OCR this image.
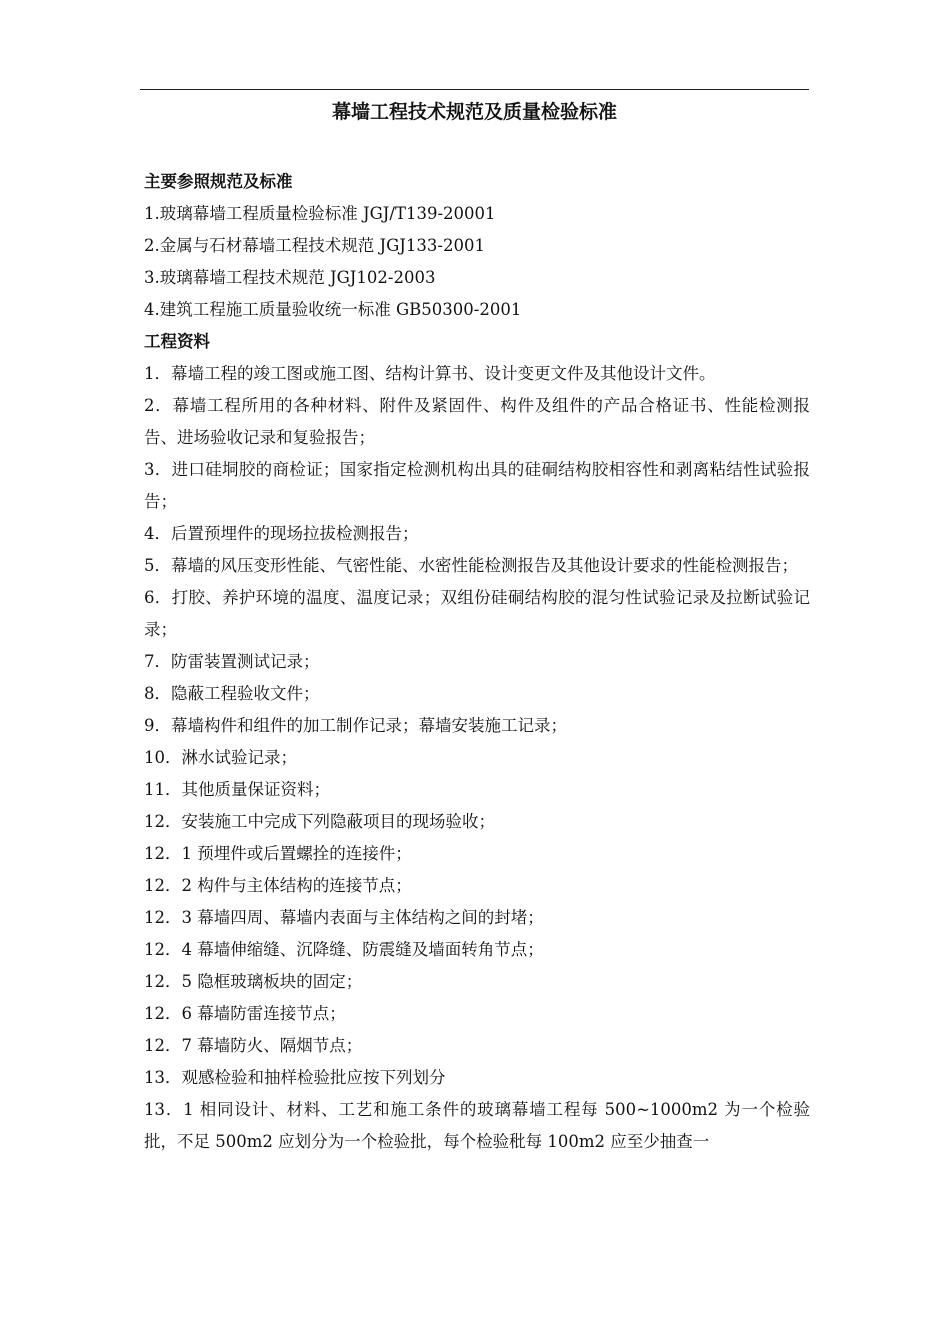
幕墙工程技术规范及质量检验标准
主要参照规范及标准
1.玻璃幕墙工程质量检验标准 JGJ/T139-20001
2.金属与石材幕墙工程技术规范 JGJ133-2001
3.玻璃幕墙工程技术规范 JGJ102-2003
4.建筑工程施工质量验收统一标准 GB50300-2001
工程资料
1．幕墙工程的竣工图或施工图、结构计算书、设计变更文件及其他设计文件。
2．幕墙工程所用的各种材料、附件及紧固件、构件及组件的产品合格证书、性能检测报告、进场验收记录和复验报告；
3．进口硅垌胶的商检证；国家指定检测机构出具的硅硐结构胶相容性和剥离粘结性试验报告；
4．后置预埋件的现场拉拔检测报告；
5．幕墙的风压变形性能、气密性能、水密性能检测报告及其他设计要求的性能检测报告；
6．打胶、养护环境的温度、温度记录；双组份硅硐结构胶的混匀性试验记录及拉断试验记录；
7．防雷装置测试记录；
8．隐蔽工程验收文件；
9．幕墙构件和组件的加工制作记录；幕墙安装施工记录；
10．淋水试验记录；
11．其他质量保证资料；
12．安装施工中完成下列隐蔽项目的现场验收；
12．1 预埋件或后置螺拴的连接件；
12．2 构件与主体结构的连接节点；
12．3 幕墙四周、幕墙内表面与主体结构之间的封堵；
12．4 幕墙伸缩缝、沉降缝、防震缝及墙面转角节点；
12．5 隐框玻璃板块的固定；
12．6 幕墙防雷连接节点；
12．7 幕墙防火、隔烟节点；
13．观感检验和抽样检验批应按下列划分
13．1 相同设计、材料、工艺和施工条件的玻璃幕墙工程每 500~1000m2 为一个检验批，不足 500m2 应划分为一个检验批，每个检验秕每 100m2 应至少抽查一
